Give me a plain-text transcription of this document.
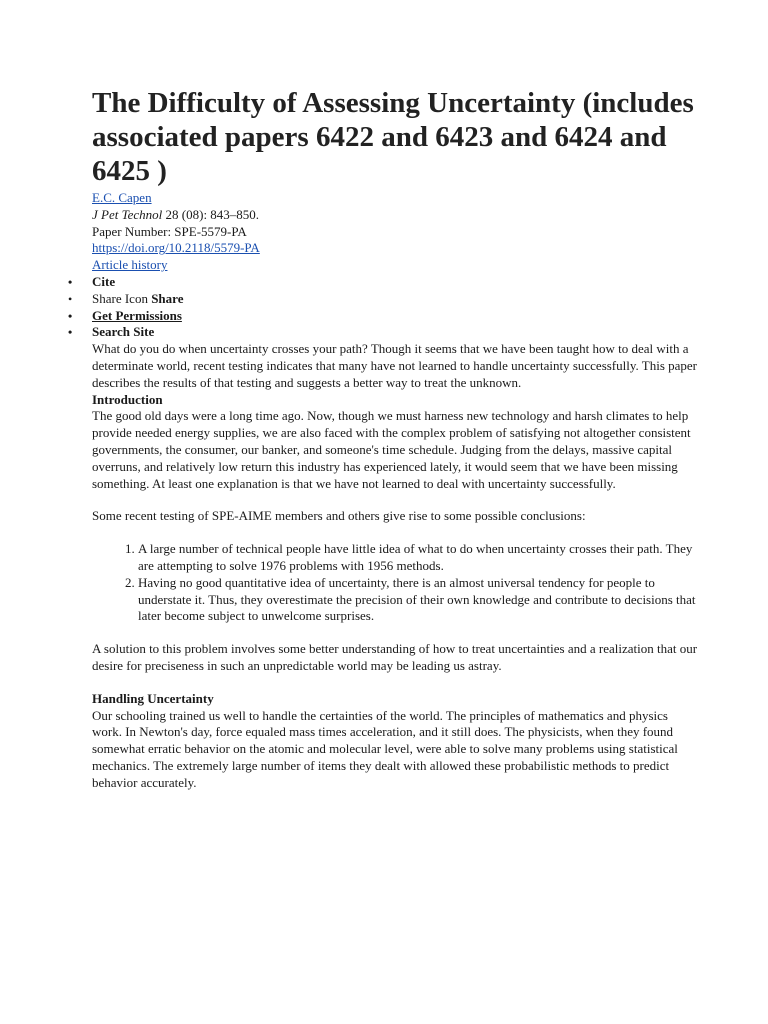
The Difficulty of Assessing Uncertainty (includes associated papers 6422 and 6423 and 6424 and 6425 )
E.C. Capen
J Pet Technol 28 (08): 843–850.
Paper Number: SPE-5579-PA
https://doi.org/10.2118/5579-PA
Article history
• Cite
• Share Icon Share
• Get Permissions
• Search Site

What do you do when uncertainty crosses your path? Though it seems that we have been taught how to deal with a determinate world, recent testing indicates that many have not learned to handle uncertainty successfully. This paper describes the results of that testing and suggests a better way to treat the unknown.

Introduction

The good old days were a long time ago. Now, though we must harness new technology and harsh climates to help provide needed energy supplies, we are also faced with the complex problem of satisfying not altogether consistent governments, the consumer, our banker, and someone's time schedule. Judging from the delays, massive capital overruns, and relatively low return this industry has experienced lately, it would seem that we have been missing something. At least one explanation is that we have not learned to deal with uncertainty successfully.

Some recent testing of SPE-AIME members and others give rise to some possible conclusions:

1. A large number of technical people have little idea of what to do when uncertainty crosses their path. They are attempting to solve 1976 problems with 1956 methods.
2. Having no good quantitative idea of uncertainty, there is an almost universal tendency for people to understate it. Thus, they overestimate the precision of their own knowledge and contribute to decisions that later become subject to unwelcome surprises.

A solution to this problem involves some better understanding of how to treat uncertainties and a realization that our desire for preciseness in such an unpredictable world may be leading us astray.

Handling Uncertainty

Our schooling trained us well to handle the certainties of the world. The principles of mathematics and physics work. In Newton's day, force equaled mass times acceleration, and it still does. The physicists, when they found somewhat erratic behavior on the atomic and molecular level, were able to solve many problems using statistical mechanics. The extremely large number of items they dealt with allowed these probabilistic methods to predict behavior accurately.
